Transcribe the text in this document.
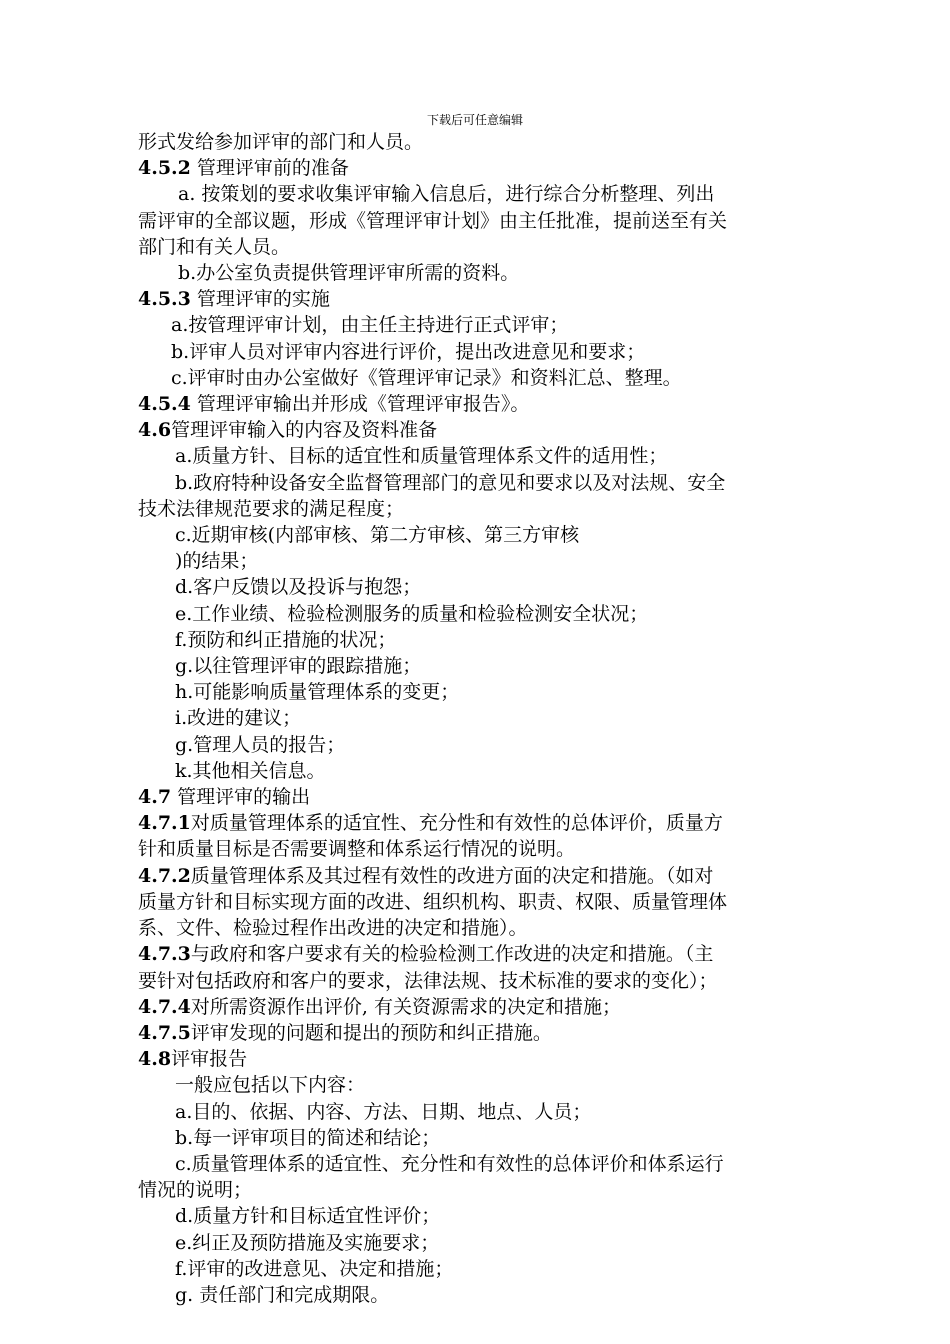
下载后可任意编辑
形式发给参加评审的部门和人员。
4.5.2 管理评审前的准备
a. 按策划的要求收集评审输入信息后，进行综合分析整理、列出
需评审的全部议题，形成《管理评审计划》由主任批准，提前送至有关
部门和有关人员。
b.办公室负责提供管理评审所需的资料。
4.5.3 管理评审的实施
a.按管理评审计划，由主任主持进行正式评审；
b.评审人员对评审内容进行评价，提出改进意见和要求；
c.评审时由办公室做好《管理评审记录》和资料汇总、整理。
4.5.4 管理评审输出并形成《管理评审报告》。
4.6管理评审输入的内容及资料准备
a.质量方针、目标的适宜性和质量管理体系文件的适用性；
b.政府特种设备安全监督管理部门的意见和要求以及对法规、安全
技术法律规范要求的满足程度；
c.近期审核(内部审核、第二方审核、第三方审核
)的结果；
d.客户反馈以及投诉与抱怨；
e.工作业绩、检验检测服务的质量和检验检测安全状况；
f.预防和纠正措施的状况；
g.以往管理评审的跟踪措施；
h.可能影响质量管理体系的变更；
i.改进的建议；
g.管理人员的报告；
k.其他相关信息。
4.7 管理评审的输出
4.7.1对质量管理体系的适宜性、充分性和有效性的总体评价，质量方
针和质量目标是否需要调整和体系运行情况的说明。
4.7.2质量管理体系及其过程有效性的改进方面的决定和措施。（如对
质量方针和目标实现方面的改进、组织机构、职责、权限、质量管理体
系、文件、检验过程作出改进的决定和措施）。
4.7.3与政府和客户要求有关的检验检测工作改进的决定和措施。（主
要针对包括政府和客户的要求，法律法规、技术标准的要求的变化）；
4.7.4对所需资源作出评价, 有关资源需求的决定和措施；
4.7.5评审发现的问题和提出的预防和纠正措施。
4.8评审报告
一般应包括以下内容：
a.目的、依据、内容、方法、日期、地点、人员；
b.每一评审项目的简述和结论；
c.质量管理体系的适宜性、充分性和有效性的总体评价和体系运行
情况的说明；
d.质量方针和目标适宜性评价；
e.纠正及预防措施及实施要求；
f.评审的改进意见、决定和措施；
g. 责任部门和完成期限。
